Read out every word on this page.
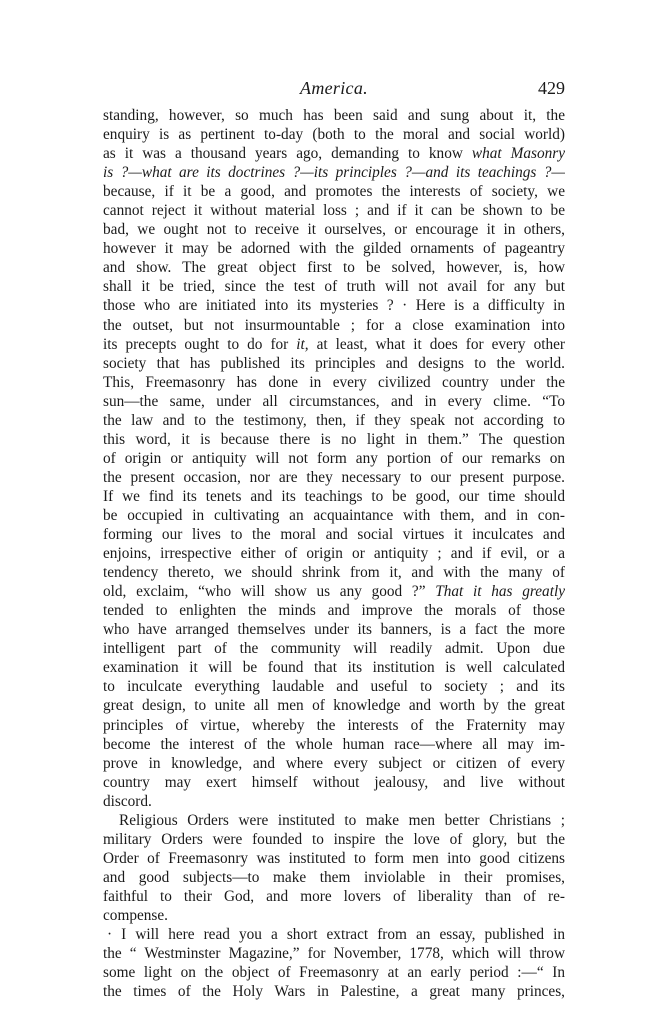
America.	429
standing, however, so much has been said and sung about it, the
enquiry is as pertinent to-day (both to the moral and social world)
as it was a thousand years ago, demanding to know what Masonry
is ?—what are its doctrines ?—its principles ?—and its teachings ?—
because, if it be a good, and promotes the interests of society, we
cannot reject it without material loss ; and if it can be shown to be
bad, we ought not to receive it ourselves, or encourage it in others,
however it may be adorned with the gilded ornaments of pageantry
and show. The great object first to be solved, however, is, how
shall it be tried, since the test of truth will not avail for any but
those who are initiated into its mysteries ? · Here is a difficulty in
the outset, but not insurmountable ; for a close examination into
its precepts ought to do for it, at least, what it does for every other
society that has published its principles and designs to the world.
This, Freemasonry has done in every civilized country under the
sun—the same, under all circumstances, and in every clime. “To
the law and to the testimony, then, if they speak not according to
this word, it is because there is no light in them.” The question
of origin or antiquity will not form any portion of our remarks on
the present occasion, nor are they necessary to our present purpose.
If we find its tenets and its teachings to be good, our time should
be occupied in cultivating an acquaintance with them, and in con-
forming our lives to the moral and social virtues it inculcates and
enjoins, irrespective either of origin or antiquity ; and if evil, or a
tendency thereto, we should shrink from it, and with the many of
old, exclaim, “who will show us any good ?” That it has greatly
tended to enlighten the minds and improve the morals of those
who have arranged themselves under its banners, is a fact the more
intelligent part of the community will readily admit. Upon due
examination it will be found that its institution is well calculated
to inculcate everything laudable and useful to society ; and its
great design, to unite all men of knowledge and worth by the great
principles of virtue, whereby the interests of the Fraternity may
become the interest of the whole human race—where all may im-
prove in knowledge, and where every subject or citizen of every
country may exert himself without jealousy, and live without
discord.
Religious Orders were instituted to make men better Christians ;
military Orders were founded to inspire the love of glory, but the
Order of Freemasonry was instituted to form men into good citizens
and good subjects—to make them inviolable in their promises,
faithful to their God, and more lovers of liberality than of re-
compense.
· I will here read you a short extract from an essay, published in
the “ Westminster Magazine,” for November, 1778, which will throw
some light on the object of Freemasonry at an early period :—“ In
the times of the Holy Wars in Palestine, a great many princes,
